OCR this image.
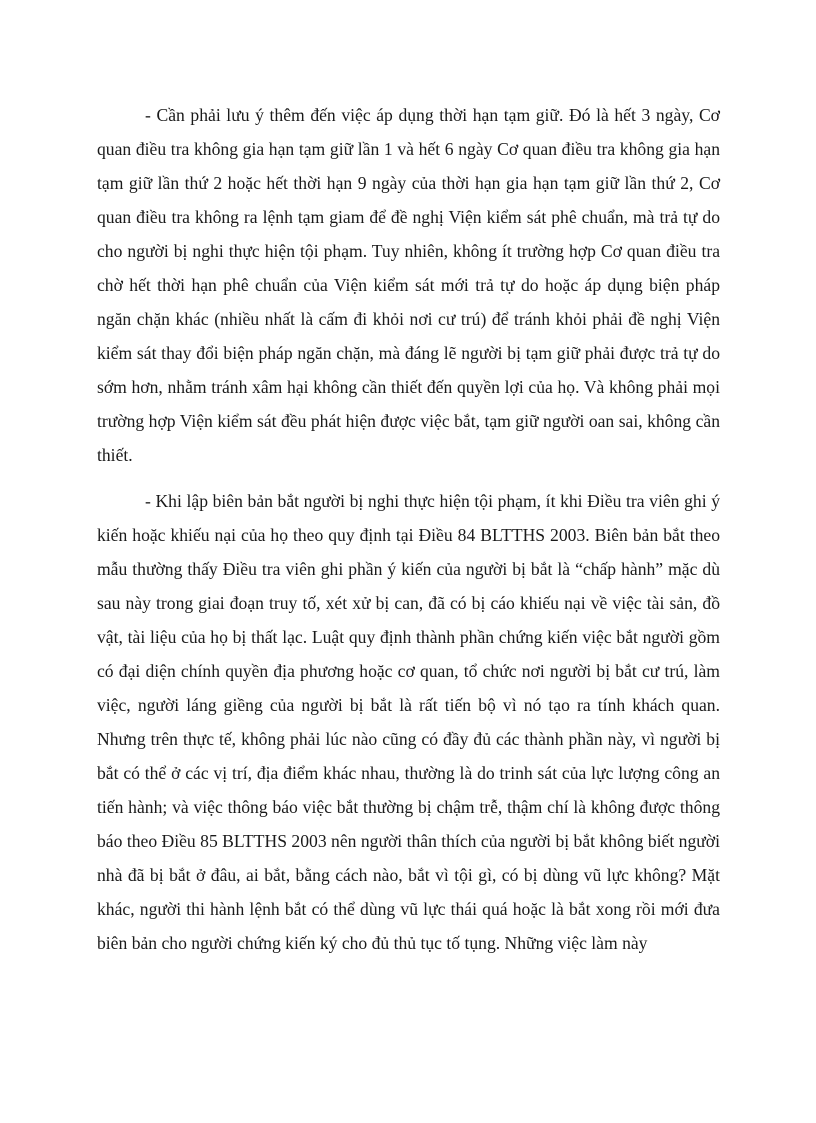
- Cần phải lưu ý thêm đến việc áp dụng thời hạn tạm giữ. Đó là hết 3 ngày, Cơ quan điều tra không gia hạn tạm giữ lần 1 và hết 6 ngày Cơ quan điều tra không gia hạn tạm giữ lần thứ 2 hoặc hết thời hạn 9 ngày của thời hạn gia hạn tạm giữ lần thứ 2, Cơ quan điều tra không ra lệnh tạm giam để đề nghị Viện kiểm sát phê chuẩn, mà trả tự do cho người bị nghi thực hiện tội phạm. Tuy nhiên, không ít trường hợp Cơ quan điều tra chờ hết thời hạn phê chuẩn của Viện kiểm sát mới trả tự do hoặc áp dụng biện pháp ngăn chặn khác (nhiều nhất là cấm đi khỏi nơi cư trú) để tránh khỏi phải đề nghị Viện kiểm sát thay đổi biện pháp ngăn chặn, mà đáng lẽ người bị tạm giữ phải được trả tự do sớm hơn, nhằm tránh xâm hại không cần thiết đến quyền lợi của họ. Và không phải mọi trường hợp Viện kiểm sát đều phát hiện được việc bắt, tạm giữ người oan sai, không cần thiết.

- Khi lập biên bản bắt người bị nghi thực hiện tội phạm, ít khi Điều tra viên ghi ý kiến hoặc khiếu nại của họ theo quy định tại Điều 84 BLTTHS 2003. Biên bản bắt theo mẫu thường thấy Điều tra viên ghi phần ý kiến của người bị bắt là “chấp hành” mặc dù sau này trong giai đoạn truy tố, xét xử bị can, đã có bị cáo khiếu nại về việc tài sản, đồ vật, tài liệu của họ bị thất lạc. Luật quy định thành phần chứng kiến việc bắt người gồm có đại diện chính quyền địa phương hoặc cơ quan, tổ chức nơi người bị bắt cư trú, làm việc, người láng giềng của người bị bắt là rất tiến bộ vì nó tạo ra tính khách quan. Nhưng trên thực tế, không phải lúc nào cũng có đầy đủ các thành phần này, vì người bị bắt có thể ở các vị trí, địa điểm khác nhau, thường là do trinh sát của lực lượng công an tiến hành; và việc thông báo việc bắt thường bị chậm trễ, thậm chí là không được thông báo theo Điều 85 BLTTHS 2003 nên người thân thích của người bị bắt không biết người nhà đã bị bắt ở đâu, ai bắt, bằng cách nào, bắt vì tội gì, có bị dùng vũ lực không? Mặt khác, người thi hành lệnh bắt có thể dùng vũ lực thái quá hoặc là bắt xong rồi mới đưa biên bản cho người chứng kiến ký cho đủ thủ tục tố tụng. Những việc làm này
